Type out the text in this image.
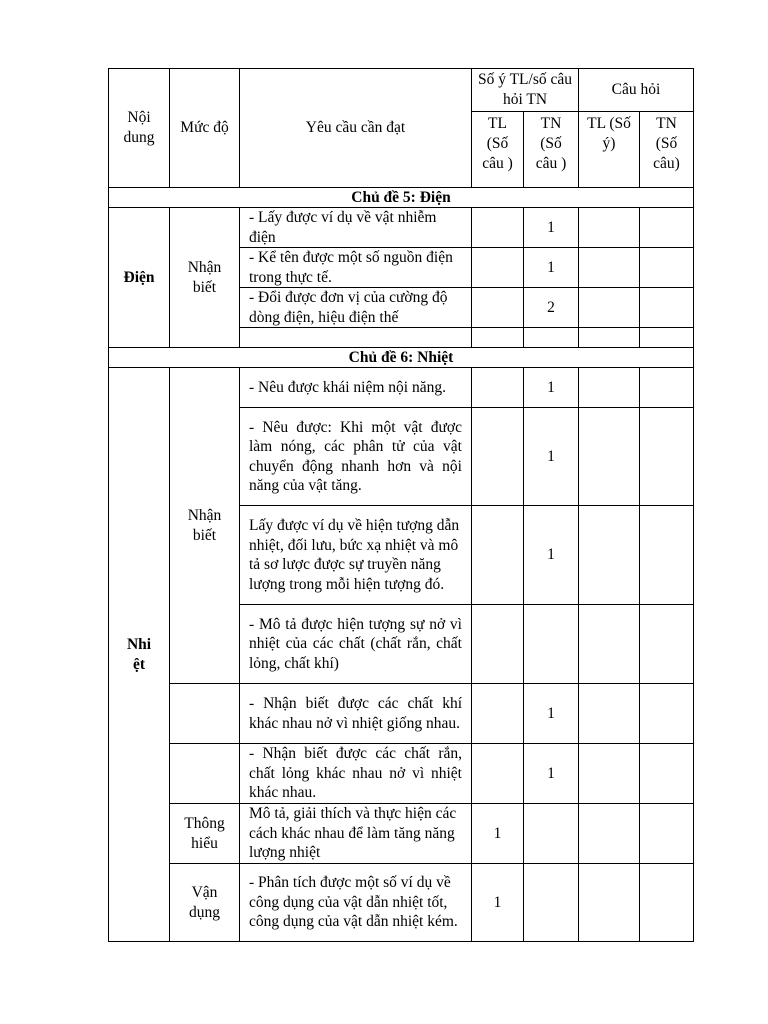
Nội dung	Mức độ	Yêu cầu cần đạt	Số ý TL/số câu hỏi TN		Câu hỏi	
			TL (Số câu )	TN (Số câu )	TL (Số ý)	TN (Số câu)
Chủ đề 5: Điện						
Điện	Nhận biết	- Lấy được ví dụ về vật nhiễm điện		1		
		- Kể tên được một số nguồn điện trong thực tế.		1		
		- Đổi được đơn vị của cường độ dòng điện, hiệu điện thế		2		

Chủ đề 6: Nhiệt						
Nhiệt	Nhận biết	- Nêu được khái niệm nội năng.		1		
		- Nêu được: Khi một vật được làm nóng, các phân tử của vật chuyển động nhanh hơn và nội năng của vật tăng.		1		
		Lấy được ví dụ về hiện tượng dẫn nhiệt, đối lưu, bức xạ nhiệt và mô tả sơ lược được sự truyền năng lượng trong mỗi hiện tượng đó.		1		
		- Mô tả được hiện tượng sự nở vì nhiệt của các chất (chất rắn, chất lỏng, chất khí)				
		- Nhận biết được các chất khí khác nhau nở vì nhiệt giống nhau.		1		
		- Nhận biết được các chất rắn, chất lỏng khác nhau nở vì nhiệt khác nhau.		1		
	Thông hiểu	Mô tả, giải thích và thực hiện các cách khác nhau để làm tăng năng lượng nhiệt	1			
	Vận dụng	- Phân tích được một số ví dụ về công dụng của vật dẫn nhiệt tốt, công dụng của vật dẫn nhiệt kém.	1			
